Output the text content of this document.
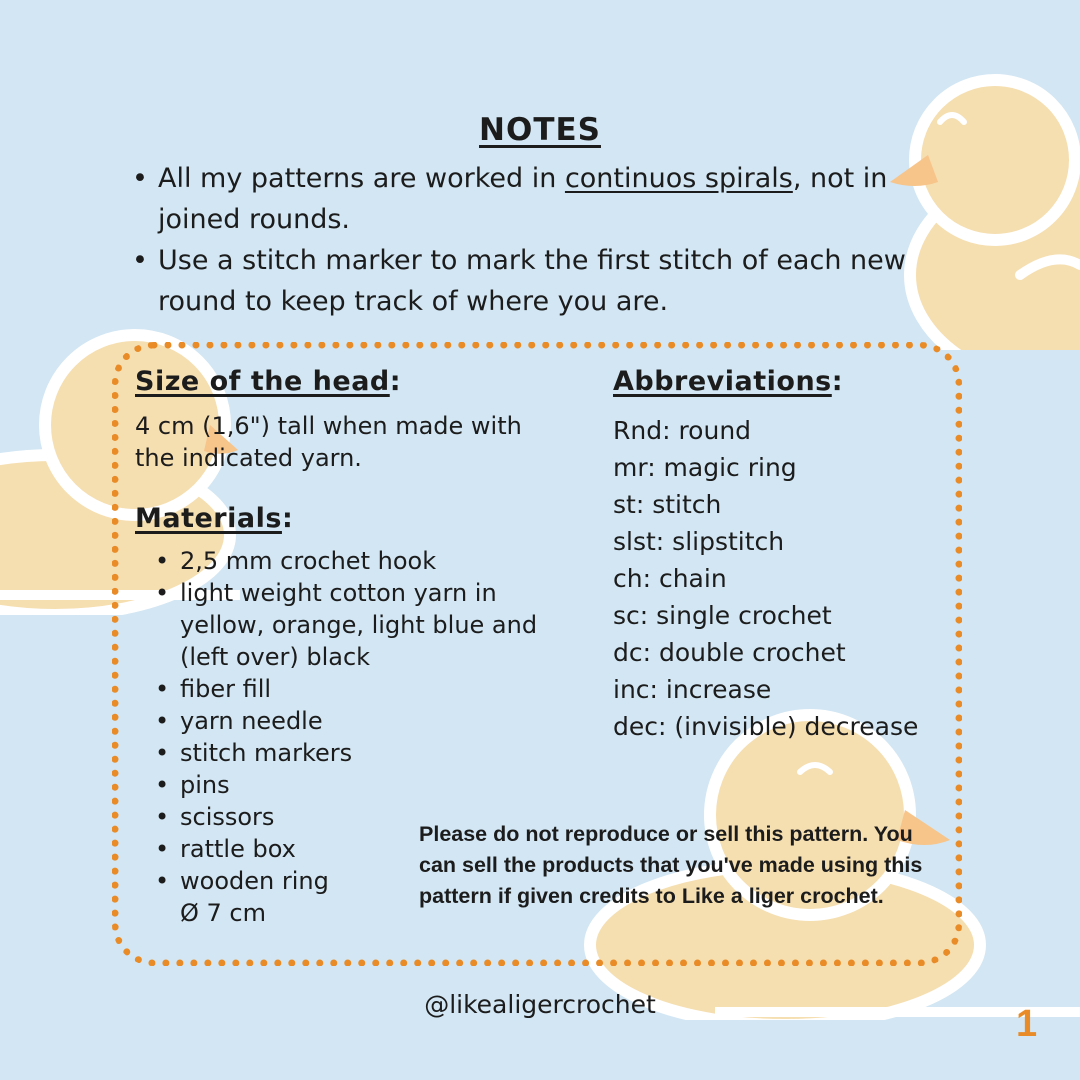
NOTES
• All my patterns are worked in continuos spirals, not in joined rounds.
• Use a stitch marker to mark the first stitch of each new round to keep track of where you are.
Size of the head:

4 cm (1,6") tall when made with the indicated yarn.

Materials:
• 2,5 mm crochet hook
• light weight cotton yarn in yellow, orange, light blue and (left over) black
• fiber fill
• yarn needle
• stitch markers
• pins
• scissors
• rattle box
• wooden ring Ø 7 cm
Abbreviations:
Rnd: round
mr: magic ring
st: stitch
slst: slipstitch
ch: chain
sc: single crochet
dc: double crochet
inc: increase
dec: (invisible) decrease

Please do not reproduce or sell this pattern. You can sell the products that you've made using this pattern if given credits to Like a liger crochet.

@likealigercrochet	1
